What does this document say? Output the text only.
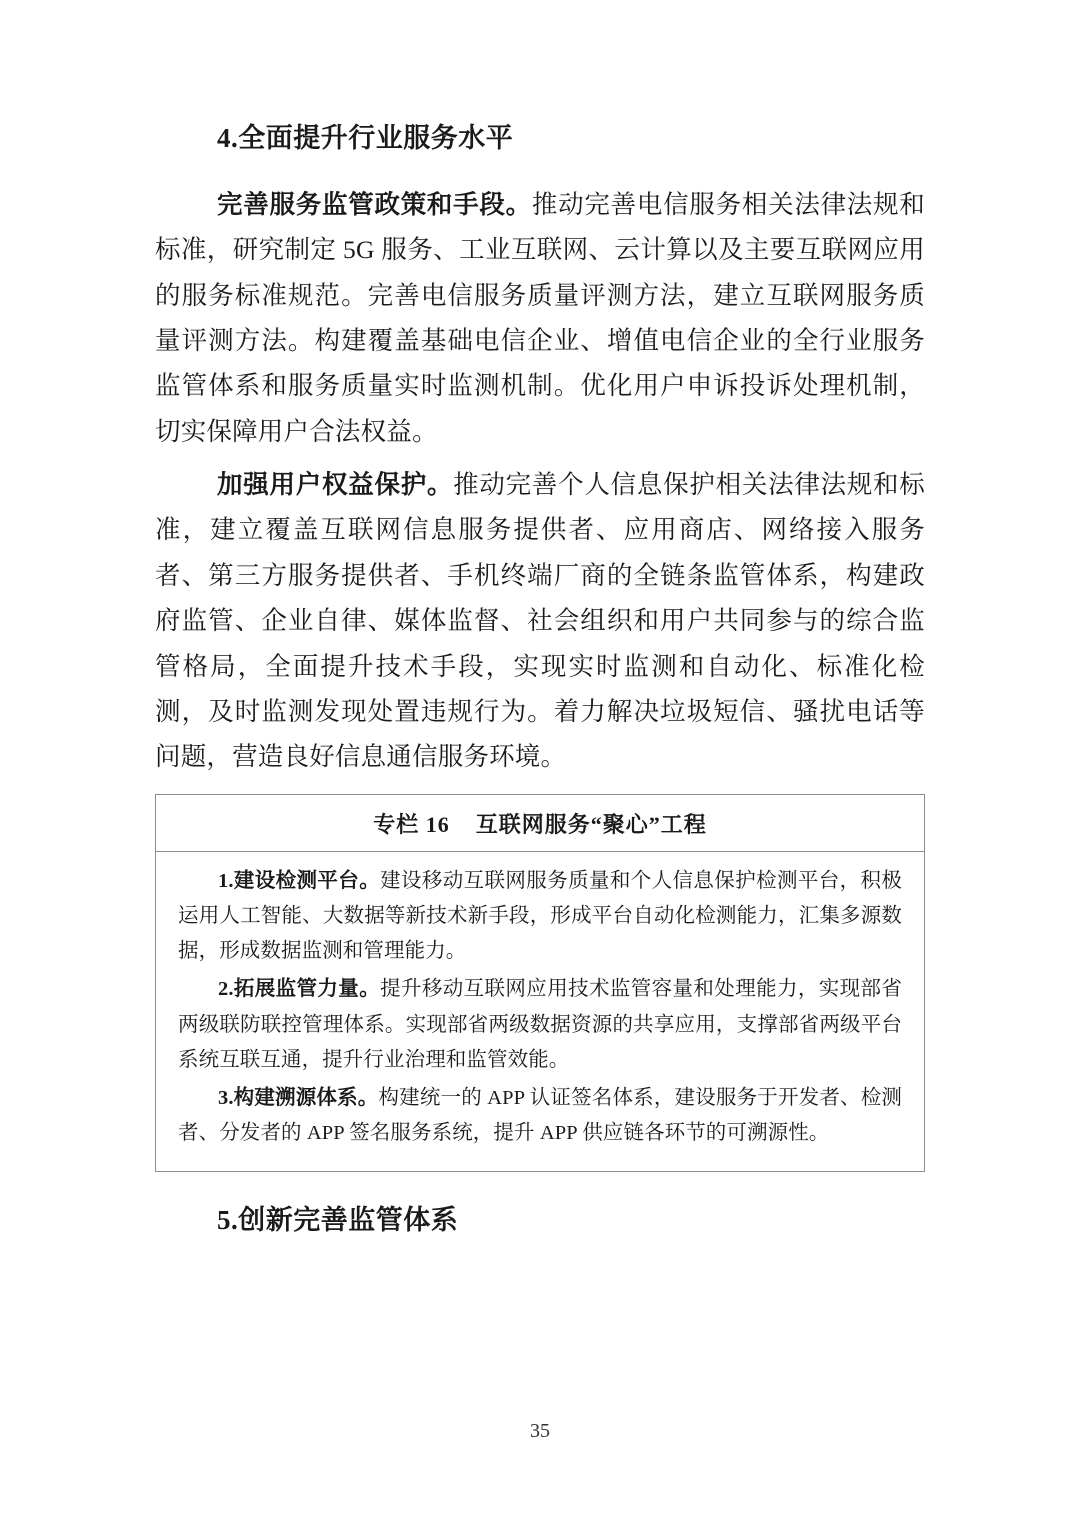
4.全面提升行业服务水平

完善服务监管政策和手段。推动完善电信服务相关法律法规和标准，研究制定 5G 服务、工业互联网、云计算以及主要互联网应用的服务标准规范。完善电信服务质量评测方法，建立互联网服务质量评测方法。构建覆盖基础电信企业、增值电信企业的全行业服务监管体系和服务质量实时监测机制。优化用户申诉投诉处理机制，切实保障用户合法权益。

加强用户权益保护。推动完善个人信息保护相关法律法规和标准，建立覆盖互联网信息服务提供者、应用商店、网络接入服务者、第三方服务提供者、手机终端厂商的全链条监管体系，构建政府监管、企业自律、媒体监督、社会组织和用户共同参与的综合监管格局，全面提升技术手段，实现实时监测和自动化、标准化检测，及时监测发现处置违规行为。着力解决垃圾短信、骚扰电话等问题，营造良好信息通信服务环境。

专栏 16 互联网服务“聚心”工程

1.建设检测平台。建设移动互联网服务质量和个人信息保护检测平台，积极运用人工智能、大数据等新技术新手段，形成平台自动化检测能力，汇集多源数据，形成数据监测和管理能力。

2.拓展监管力量。提升移动互联网应用技术监管容量和处理能力，实现部省两级联防联控管理体系。实现部省两级数据资源的共享应用，支撑部省两级平台系统互联互通，提升行业治理和监管效能。

3.构建溯源体系。构建统一的 APP 认证签名体系，建设服务于开发者、检测者、分发者的 APP 签名服务系统，提升 APP 供应链各环节的可溯源性。

5.创新完善监管体系
35
